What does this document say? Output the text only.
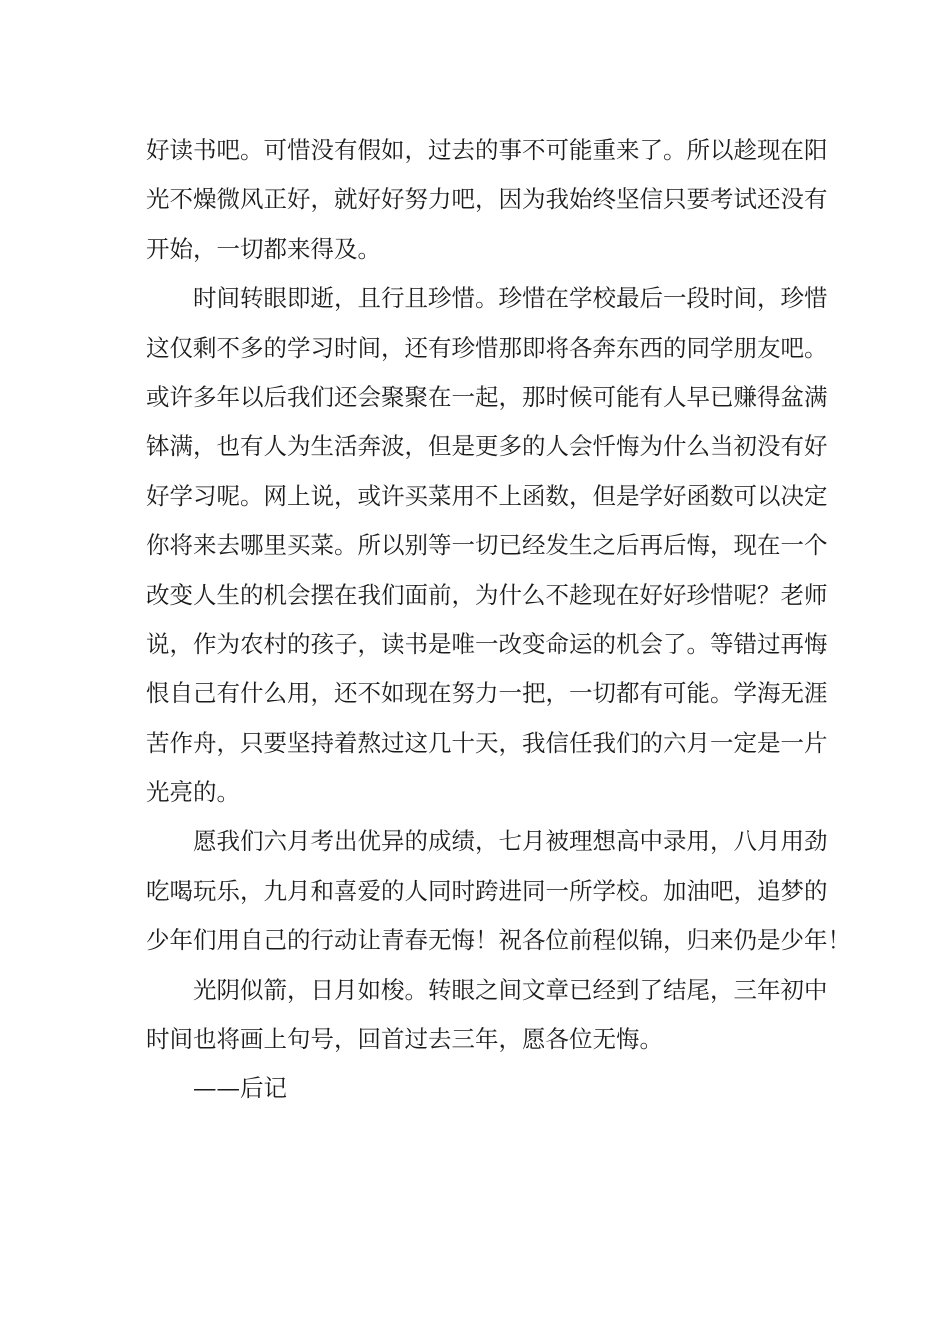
好读书吧。可惜没有假如，过去的事不可能重来了。所以趁现在阳
光不燥微风正好，就好好努力吧，因为我始终坚信只要考试还没有
开始，一切都来得及。
时间转眼即逝，且行且珍惜。珍惜在学校最后一段时间，珍惜
这仅剩不多的学习时间，还有珍惜那即将各奔东西的同学朋友吧。
或许多年以后我们还会聚聚在一起，那时候可能有人早已赚得盆满
钵满，也有人为生活奔波，但是更多的人会忏悔为什么当初没有好
好学习呢。网上说，或许买菜用不上函数，但是学好函数可以决定
你将来去哪里买菜。所以别等一切已经发生之后再后悔，现在一个
改变人生的机会摆在我们面前，为什么不趁现在好好珍惜呢？老师
说，作为农村的孩子，读书是唯一改变命运的机会了。等错过再悔
恨自己有什么用，还不如现在努力一把，一切都有可能。学海无涯
苦作舟，只要坚持着熬过这几十天，我信任我们的六月一定是一片
光亮的。
愿我们六月考出优异的成绩，七月被理想高中录用，八月用劲
吃喝玩乐，九月和喜爱的人同时跨进同一所学校。加油吧，追梦的
少年们用自己的行动让青春无悔！祝各位前程似锦，归来仍是少年！
光阴似箭，日月如梭。转眼之间文章已经到了结尾，三年初中
时间也将画上句号，回首过去三年，愿各位无悔。
——后记
